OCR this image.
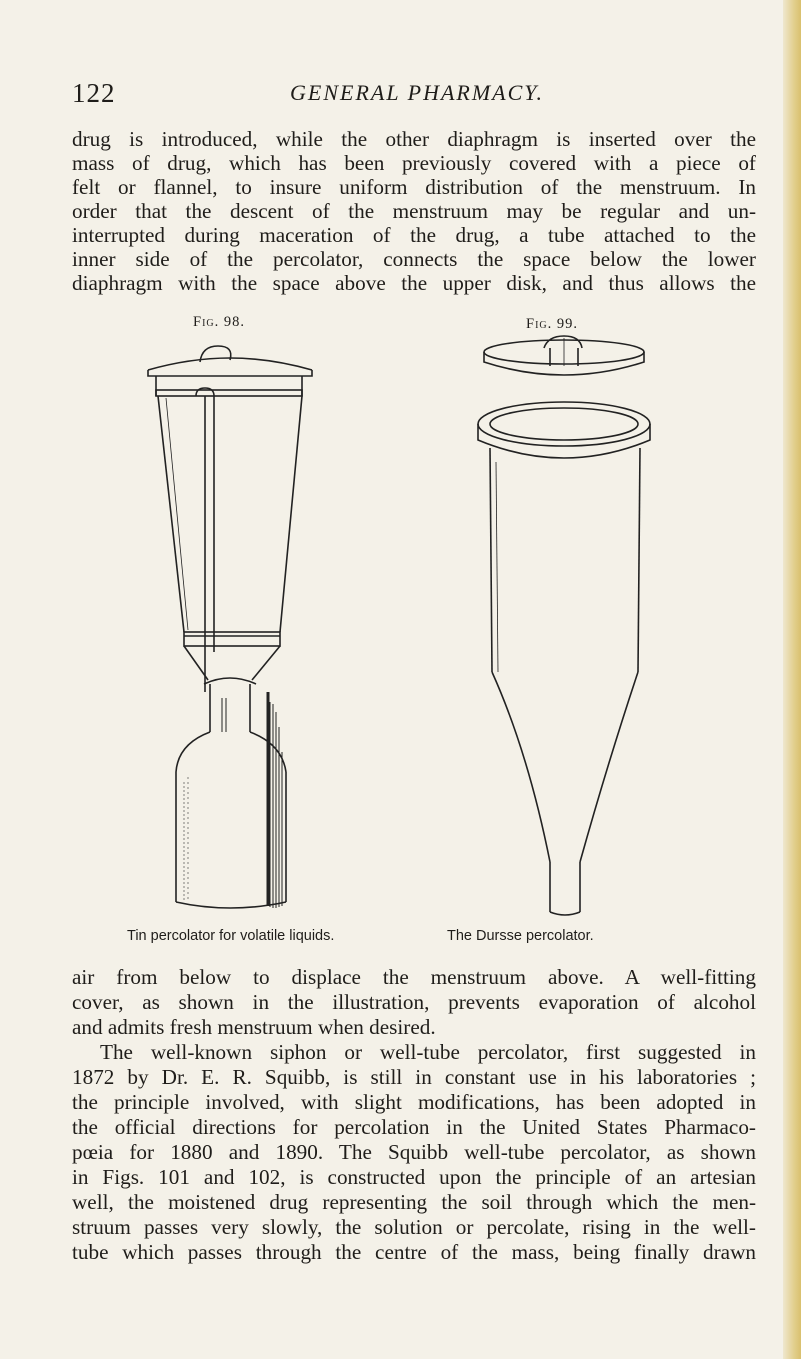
122	GENERAL PHARMACY.
drug is introduced, while the other diaphragm is inserted over the
mass of drug, which has been previously covered with a piece of
felt or flannel, to insure uniform distribution of the menstruum. In
order that the descent of the menstruum may be regular and un-
interrupted during maceration of the drug, a tube attached to the
inner side of the percolator, connects the space below the lower
diaphragm with the space above the upper disk, and thus allows the
Fig. 98.	Fig. 99.
Tin percolator for volatile liquids.	The Dursse percolator.
air from below to displace the menstruum above. A well-fitting
cover, as shown in the illustration, prevents evaporation of alcohol
and admits fresh menstruum when desired.
The well-known siphon or well-tube percolator, first suggested in
1872 by Dr. E. R. Squibb, is still in constant use in his laboratories ;
the principle involved, with slight modifications, has been adopted in
the official directions for percolation in the United States Pharmaco-
pœia for 1880 and 1890. The Squibb well-tube percolator, as shown
in Figs. 101 and 102, is constructed upon the principle of an artesian
well, the moistened drug representing the soil through which the men-
struum passes very slowly, the solution or percolate, rising in the well-
tube which passes through the centre of the mass, being finally drawn
